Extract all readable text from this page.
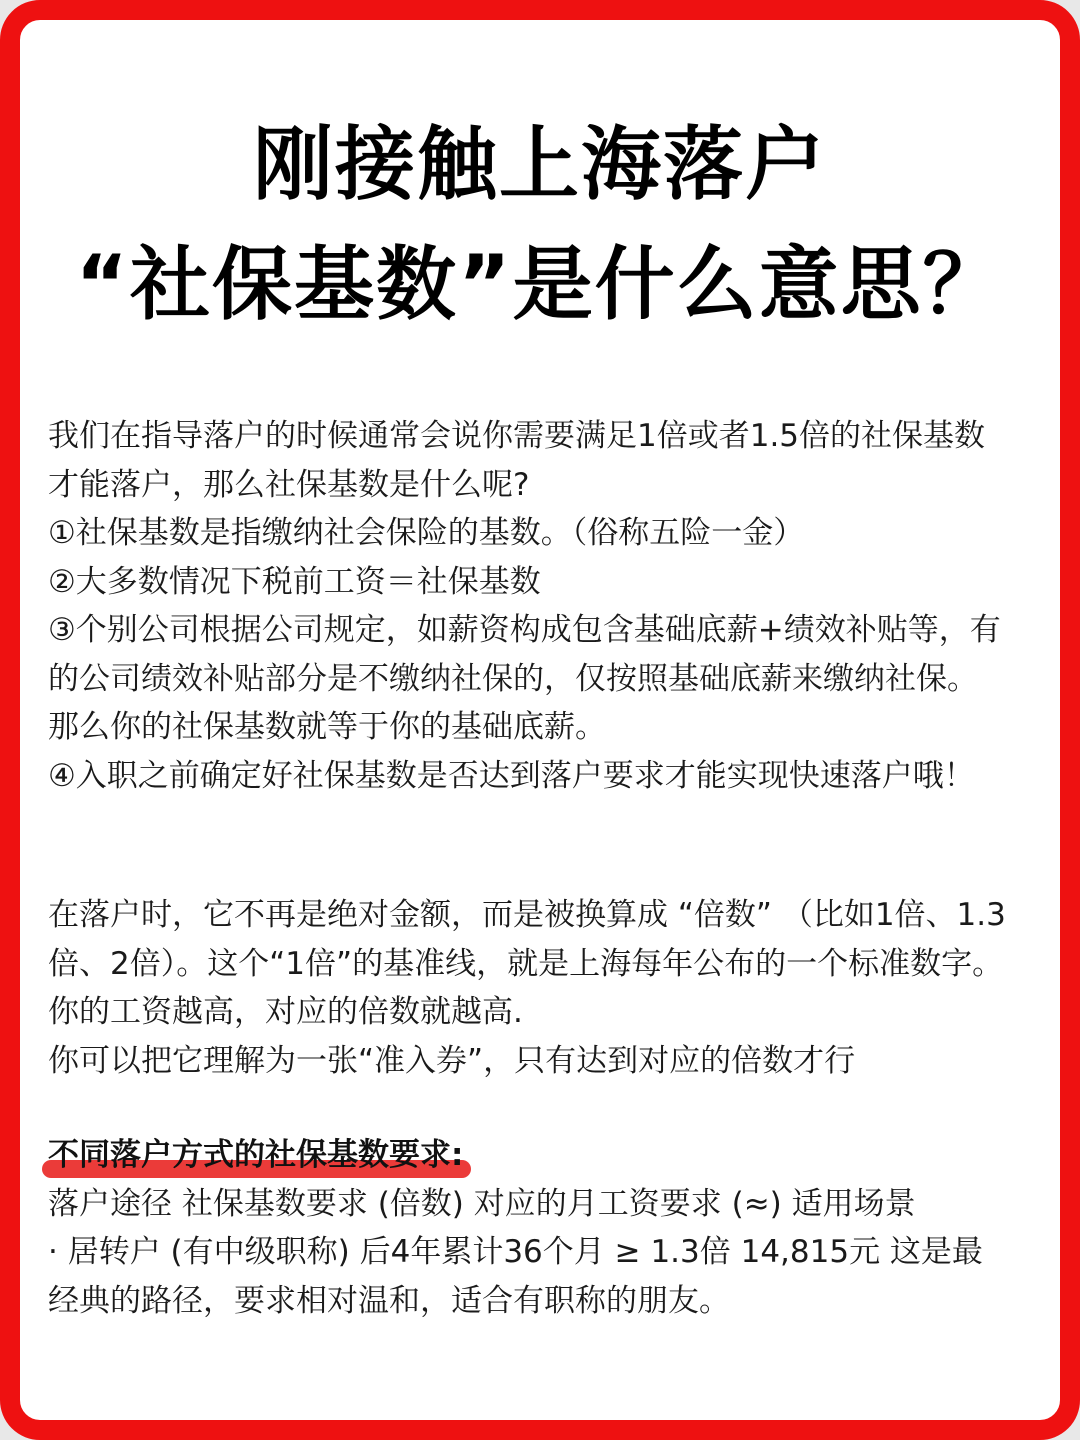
刚接触上海落户
“社保基数”是什么意思？

我们在指导落户的时候通常会说你需要满足1倍或者1.5倍的社保基数才能落户，那么社保基数是什么呢?

①社保基数是指缴纳社会保险的基数。（俗称五险一金）

②大多数情况下税前工资＝社保基数

③个别公司根据公司规定，如薪资构成包含基础底薪+绩效补贴等，有的公司绩效补贴部分是不缴纳社保的，仅按照基础底薪来缴纳社保。那么你的社保基数就等于你的基础底薪。

④入职之前确定好社保基数是否达到落户要求才能实现快速落户哦！

在落户时，它不再是绝对金额，而是被换算成 “倍数” （比如1倍、1.3倍、2倍）。这个“1倍”的基准线，就是上海每年公布的一个标准数字。你的工资越高，对应的倍数就越高.

你可以把它理解为一张“准入券”，只有达到对应的倍数才行

不同落户方式的社保基数要求:

落户途径 社保基数要求 (倍数) 对应的月工资要求 (≈) 适用场景

· 居转户 (有中级职称) 后4年累计36个月 ≥ 1.3倍 14,815元 这是最经典的路径，要求相对温和，适合有职称的朋友。
